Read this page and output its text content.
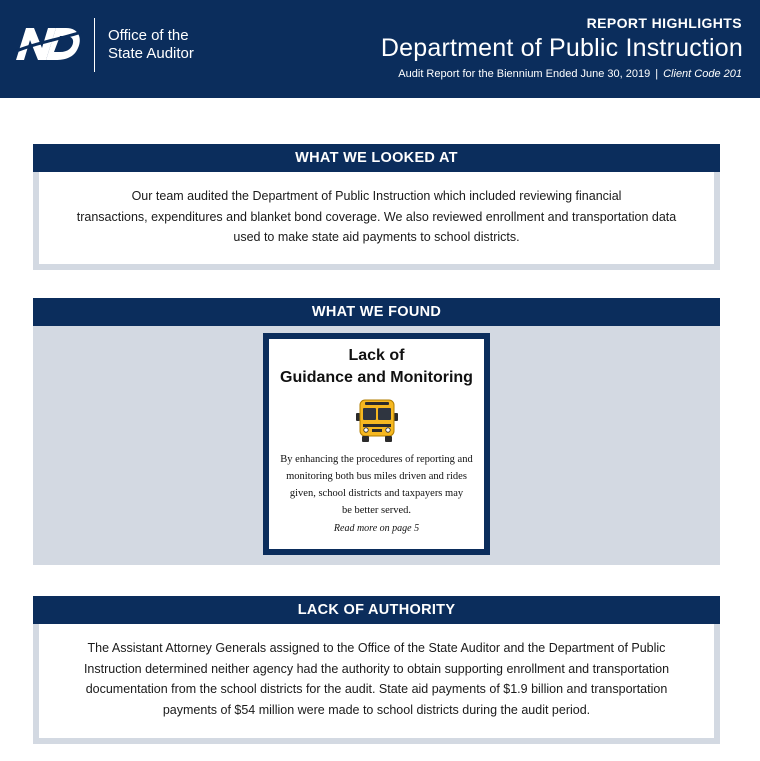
Office of the
State Auditor
REPORT HIGHLIGHTS
Department of Public Instruction
Audit Report for the Biennium Ended June 30, 2019 | Client Code 201
WHAT WE LOOKED AT
Our team audited the Department of Public Instruction which included reviewing financial
transactions, expenditures and blanket bond coverage. We also reviewed enrollment and transportation data
used to make state aid payments to school districts.
WHAT WE FOUND
Lack of
Guidance and Monitoring
By enhancing the procedures of reporting and
monitoring both bus miles driven and rides
given, school districts and taxpayers may
be better served.
Read more on page 5
LACK OF AUTHORITY
The Assistant Attorney Generals assigned to the Office of the State Auditor and the Department of Public
Instruction determined neither agency had the authority to obtain supporting enrollment and transportation
documentation from the school districts for the audit. State aid payments of $1.9 billion and transportation
payments of $54 million were made to school districts during the audit period.
